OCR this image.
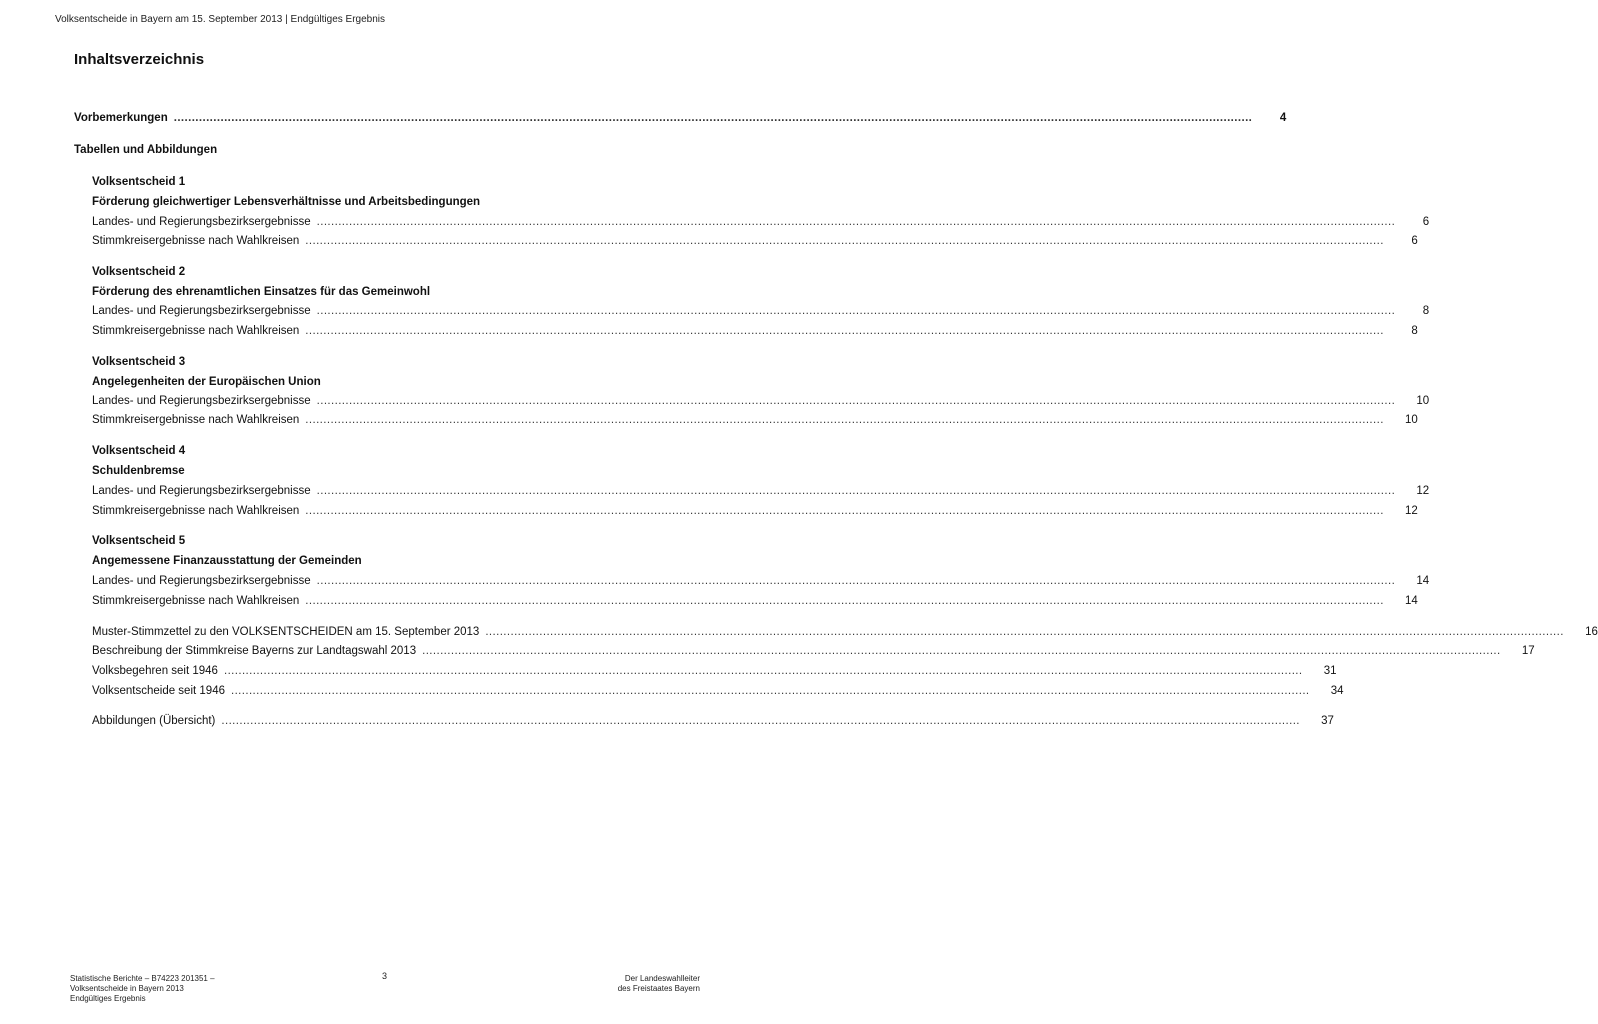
Volksentscheide in Bayern am 15. September 2013 | Endgültiges Ergebnis
Inhaltsverzeichnis
Vorbemerkungen ............................................................................................................................................................................................................................................................................................................	4
Tabellen und Abbildungen
Volksentscheid 1
Förderung gleichwertiger Lebensverhältnisse und Arbeitsbedingungen
Landes- und Regierungsbezirksergebnisse ............................................................................................................................................................................................................................................................................................................	6
Stimmkreisergebnisse nach Wahlkreisen ............................................................................................................................................................................................................................................................................................................	6
Volksentscheid 2
Förderung des ehrenamtlichen Einsatzes für das Gemeinwohl
Landes- und Regierungsbezirksergebnisse ............................................................................................................................................................................................................................................................................................................	8
Stimmkreisergebnisse nach Wahlkreisen ............................................................................................................................................................................................................................................................................................................	8
Volksentscheid 3
Angelegenheiten der Europäischen Union
Landes- und Regierungsbezirksergebnisse ............................................................................................................................................................................................................................................................................................................	10
Stimmkreisergebnisse nach Wahlkreisen ............................................................................................................................................................................................................................................................................................................	10
Volksentscheid 4
Schuldenbremse
Landes- und Regierungsbezirksergebnisse ............................................................................................................................................................................................................................................................................................................	12
Stimmkreisergebnisse nach Wahlkreisen ............................................................................................................................................................................................................................................................................................................	12
Volksentscheid 5
Angemessene Finanzausstattung der Gemeinden
Landes- und Regierungsbezirksergebnisse ............................................................................................................................................................................................................................................................................................................	14
Stimmkreisergebnisse nach Wahlkreisen ............................................................................................................................................................................................................................................................................................................	14
Muster-Stimmzettel zu den VOLKSENTSCHEIDEN am 15. September 2013 ............................................................................................................................................................................................................................................................................................................	16
Beschreibung der Stimmkreise Bayerns zur Landtagswahl 2013 ............................................................................................................................................................................................................................................................................................................	17
Volksbegehren seit 1946 ............................................................................................................................................................................................................................................................................................................	31
Volksentscheide seit 1946 ............................................................................................................................................................................................................................................................................................................	34
Abbildungen (Übersicht) ............................................................................................................................................................................................................................................................................................................	37
Statistische Berichte – B74223 201351 –
Volksentscheide in Bayern 2013
Endgültiges Ergebnis
3	Der Landeswahlleiter
des Freistaates Bayern
